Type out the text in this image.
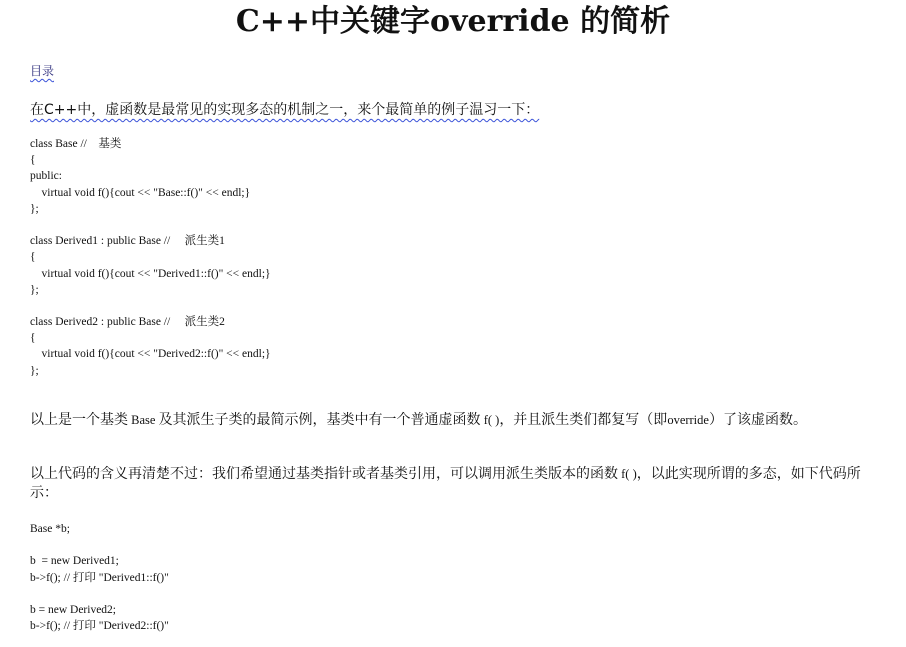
C++中关键字override 的简析
目录
在C++中，虚函数是最常见的实现多态的机制之一，来个最简单的例子温习一下：
class Base //    基类
{
public:
virtual void f(){cout << "Base::f()" << endl;}
};
class Derived1 : public Base //     派生类1
{
virtual void f(){cout << "Derived1::f()" << endl;}
};
class Derived2 : public Base //     派生类2
{
virtual void f(){cout << "Derived2::f()" << endl;}
};
以上是一个基类 Base 及其派生子类的最简示例，基类中有一个普通虚函数 f( )，并且派生类们都复写（即override）了该虚函数。
以上代码的含义再清楚不过：我们希望通过基类指针或者基类引用，可以调用派生类版本的函数 f( )，以此实现所谓的多态，如下代码所示：
Base *b;
b  = new Derived1;
b->f(); // 打印 "Derived1::f()"
b = new Derived2;
b->f(); // 打印 "Derived2::f()"
